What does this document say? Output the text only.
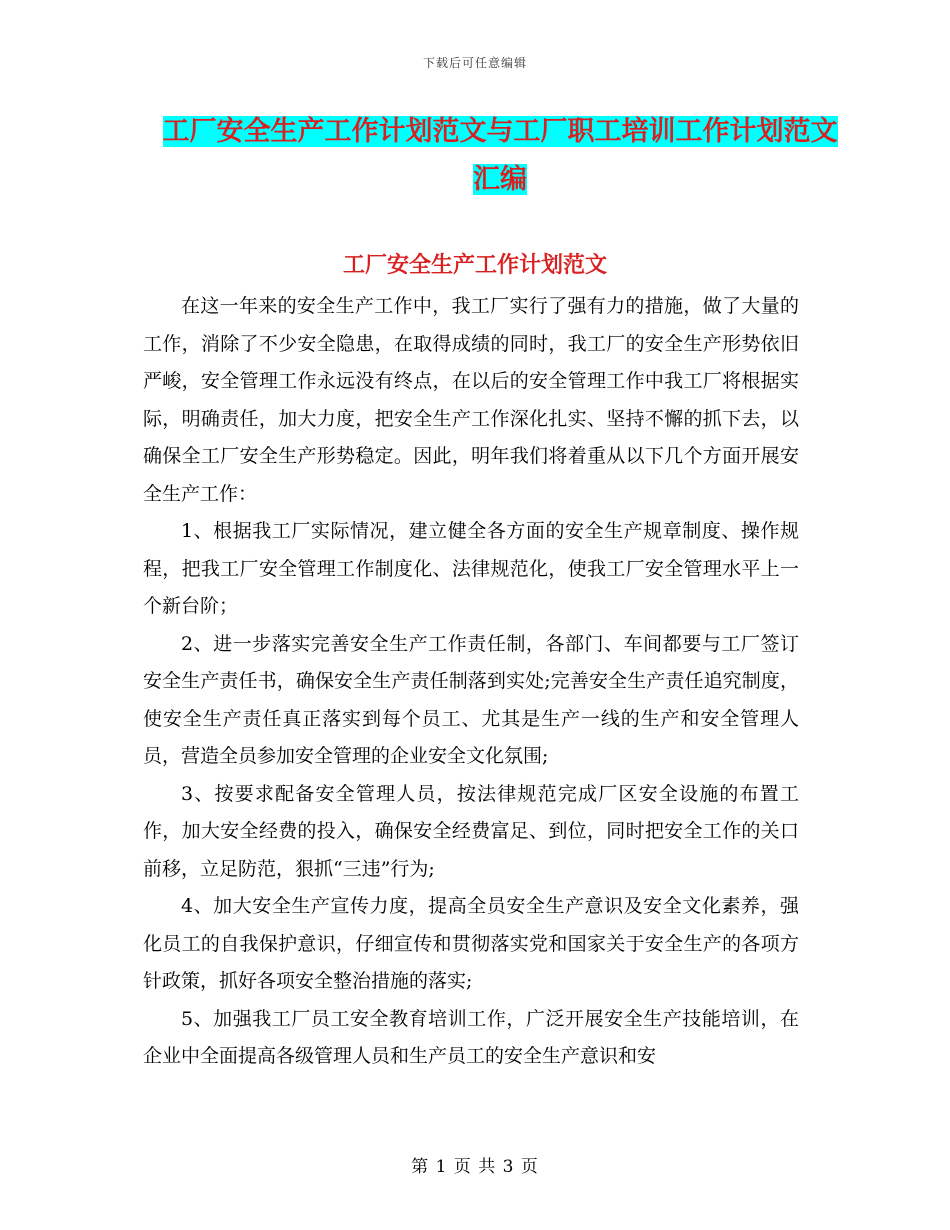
下载后可任意编辑
工厂安全生产工作计划范文与工厂职工培训工作计划范文汇编
工厂安全生产工作计划范文

在这一年来的安全生产工作中，我工厂实行了强有力的措施，做了大量的工作，消除了不少安全隐患，在取得成绩的同时，我工厂的安全生产形势依旧严峻，安全管理工作永远没有终点，在以后的安全管理工作中我工厂将根据实际，明确责任，加大力度，把安全生产工作深化扎实、坚持不懈的抓下去，以确保全工厂安全生产形势稳定。因此，明年我们将着重从以下几个方面开展安全生产工作：

1、根据我工厂实际情况，建立健全各方面的安全生产规章制度、操作规程，把我工厂安全管理工作制度化、法律规范化，使我工厂安全管理水平上一个新台阶；

2、进一步落实完善安全生产工作责任制，各部门、车间都要与工厂签订安全生产责任书，确保安全生产责任制落到实处;完善安全生产责任追究制度，使安全生产责任真正落实到每个员工、尤其是生产一线的生产和安全管理人员，营造全员参加安全管理的企业安全文化氛围;

3、按要求配备安全管理人员，按法律规范完成厂区安全设施的布置工作，加大安全经费的投入，确保安全经费富足、到位，同时把安全工作的关口前移，立足防范，狠抓“三违”行为;

4、加大安全生产宣传力度，提高全员安全生产意识及安全文化素养，强化员工的自我保护意识，仔细宣传和贯彻落实党和国家关于安全生产的各项方针政策，抓好各项安全整治措施的落实;

5、加强我工厂员工安全教育培训工作，广泛开展安全生产技能培训，在企业中全面提高各级管理人员和生产员工的安全生产意识和安

第 1 页 共 3 页
